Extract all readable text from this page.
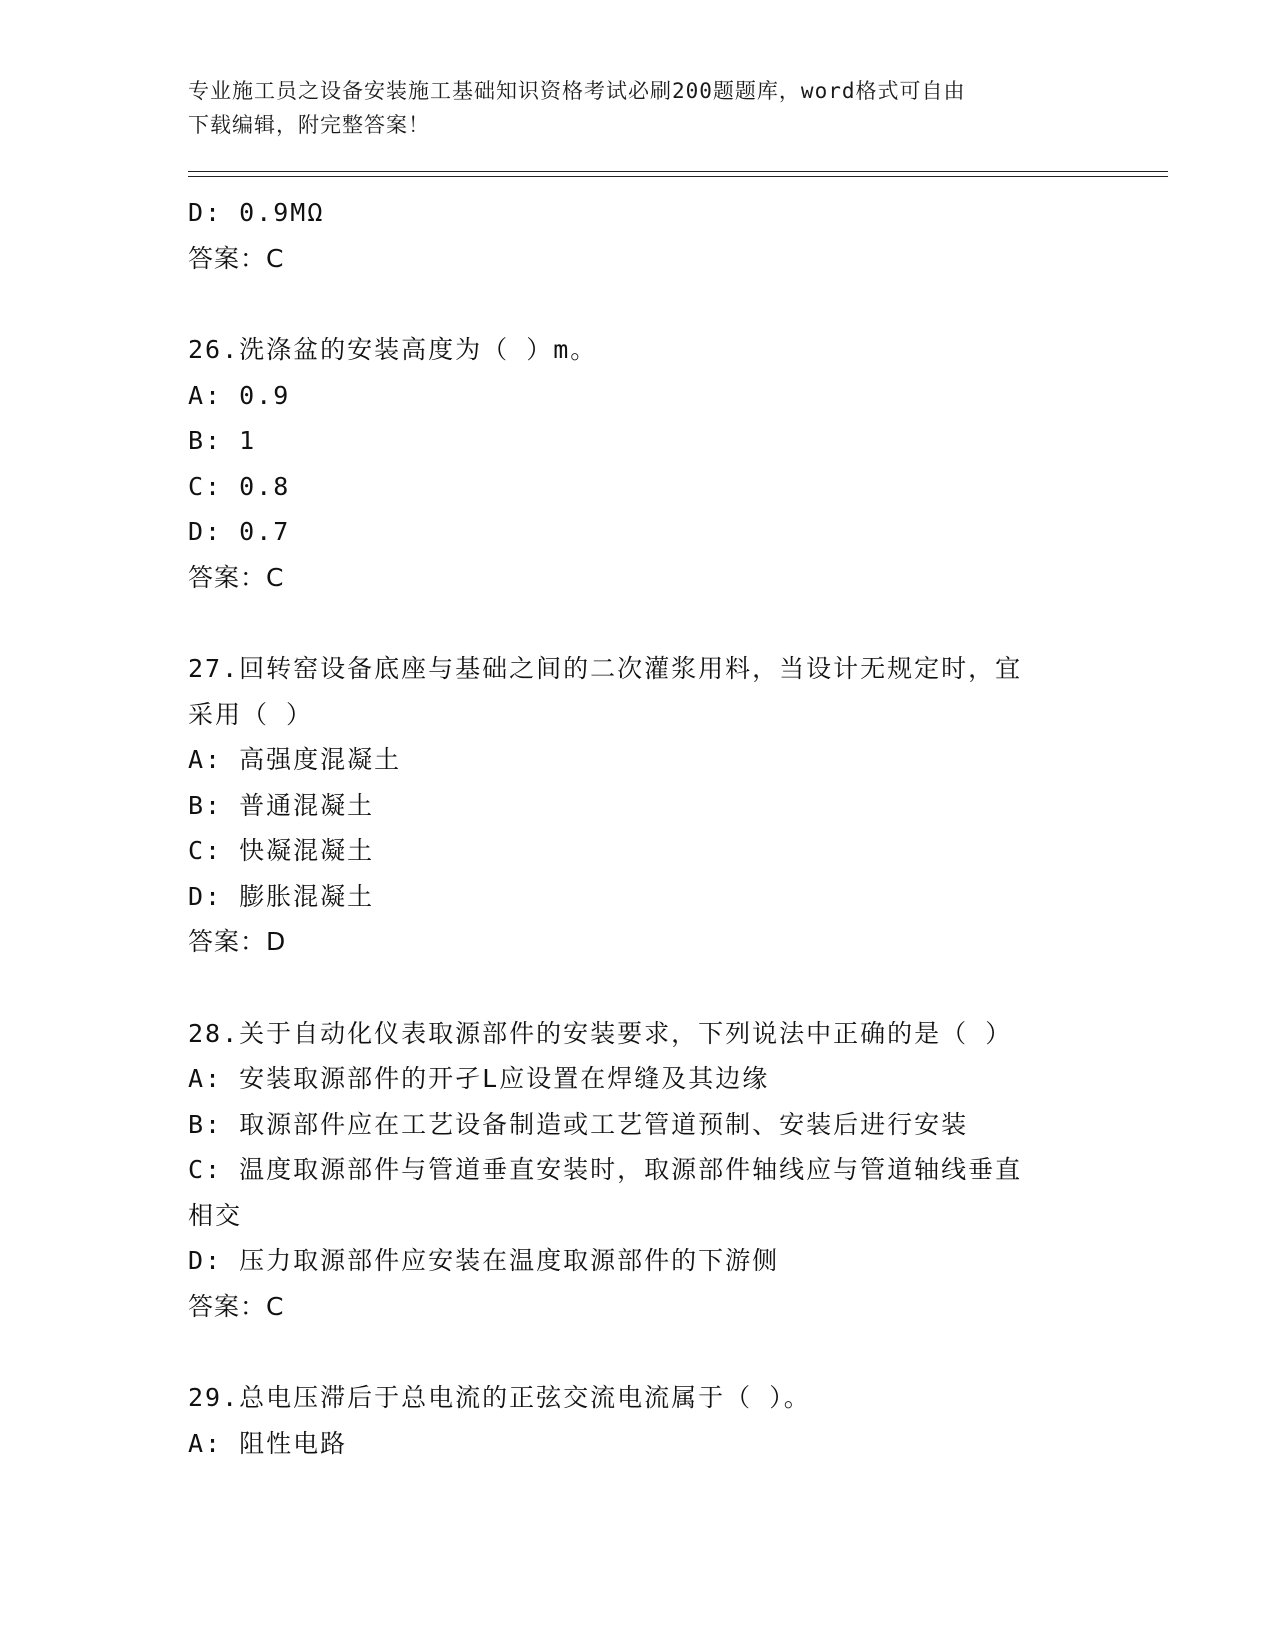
专业施工员之设备安装施工基础知识资格考试必刷200题题库，word格式可自由
下载编辑，附完整答案！
D: 0.9MΩ
答案：C
26.洗涤盆的安装高度为（ ）m。
A: 0.9
B: 1
C: 0.8
D: 0.7
答案：C
27.回转窑设备底座与基础之间的二次灌浆用料，当设计无规定时，宜
采用（ ）
A: 高强度混凝土
B: 普通混凝土
C: 快凝混凝土
D: 膨胀混凝土
答案：D
28.关于自动化仪表取源部件的安装要求，下列说法中正确的是（ ）
A: 安装取源部件的开孑L应设置在焊缝及其边缘
B: 取源部件应在工艺设备制造或工艺管道预制、安装后进行安装
C: 温度取源部件与管道垂直安装时，取源部件轴线应与管道轴线垂直
相交
D: 压力取源部件应安装在温度取源部件的下游侧
答案：C
29.总电压滞后于总电流的正弦交流电流属于（ ）。
A: 阻性电路
